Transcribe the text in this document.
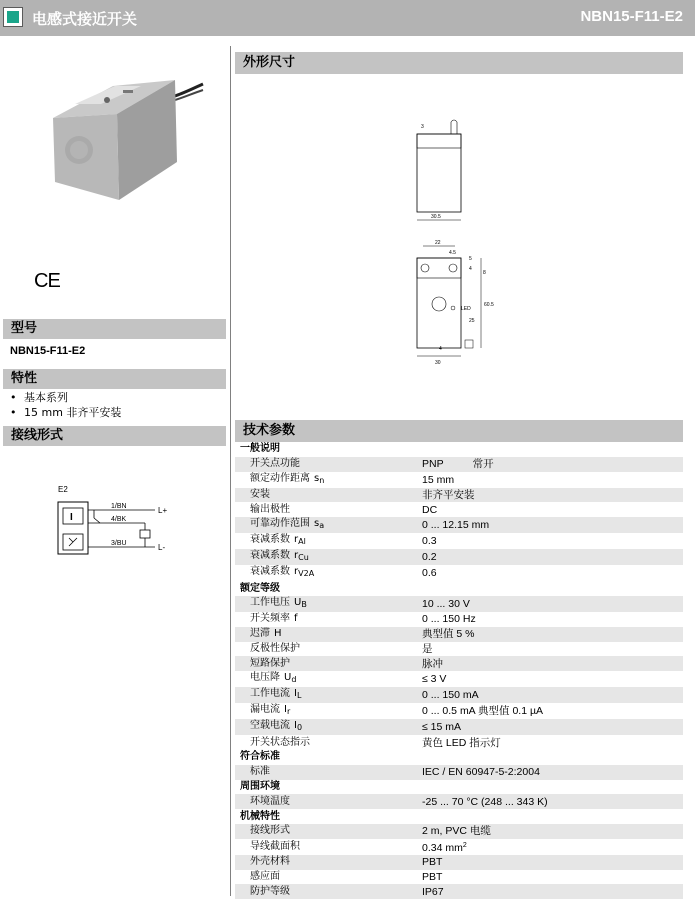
电感式接近开关	NBN15-F11-E2
CE
型号
NBN15-F11-E2
特性
• 基本系列
• 15 mm 非齐平安装
接线形式
E2
I
1/BN
4/BK
3/BU
L+
L-
外形尺寸
30.5
3
22
4.5
5
4
8
60.5
25
30
4
LED
技术参数
一般说明	
开关点功能	PNP          常开
额定动作距离 $s_n$	15 mm
安装	非齐平安装
输出极性	DC
可靠动作范围 $s_a$	0 ... 12.15 mm
衰减系数 $r_{Al}$	0.3
衰减系数 $r_{Cu}$	0.2
衰减系数 $r_{V2A}$	0.6
额定等级	
工作电压 $U_B$	10 ... 30 V
开关频率 f	0 ... 150 Hz
迟滞 H	典型值 5 %
反极性保护	是
短路保护	脉冲
电压降 $U_d$	≤ 3 V
工作电流 $I_L$	0 ... 150 mA
漏电流 $I_r$	0 ... 0.5 mA 典型值 0.1 µA
空载电流 $I_0$	≤ 15 mA
开关状态指示	黄色 LED 指示灯
符合标准	
标准	IEC / EN 60947-5-2:2004
周围环境	
环境温度	-25 ... 70 °C (248 ... 343 K)
机械特性	
接线形式	2 m, PVC 电缆
导线截面积	0.34 $mm^2$
外壳材料	PBT
感应面	PBT
防护等级	IP67
